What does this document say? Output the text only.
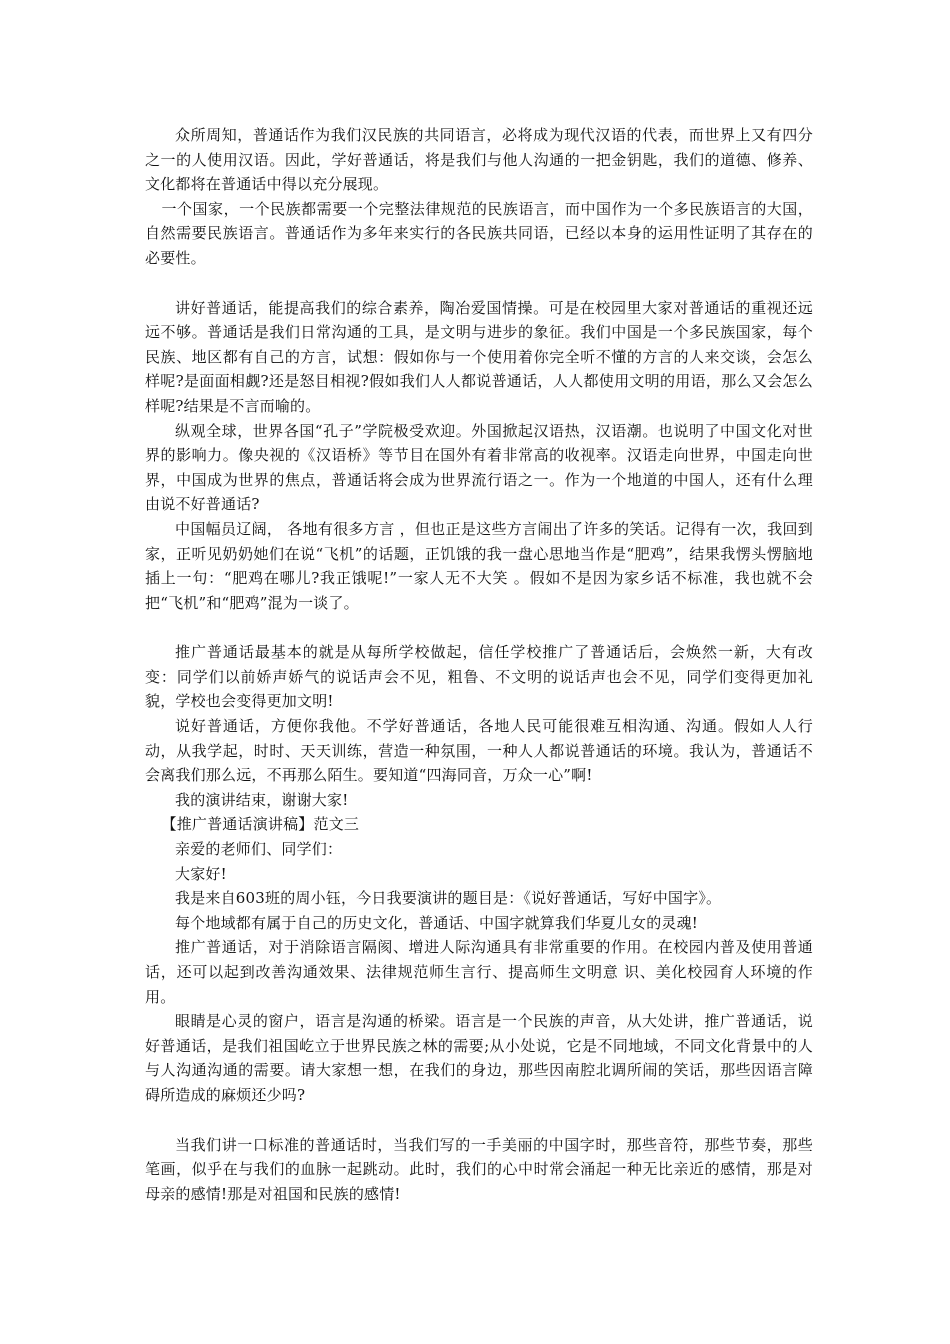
众所周知，普通话作为我们汉民族的共同语言，必将成为现代汉语的代表，而世界上又有四分之一的人使用汉语。因此，学好普通话，将是我们与他人沟通的一把金钥匙，我们的道德、修养、文化都将在普通话中得以充分展现。

一个国家，一个民族都需要一个完整法律规范的民族语言，而中国作为一个多民族语言的大国，自然需要民族语言。普通话作为多年来实行的各民族共同语，已经以本身的运用性证明了其存在的必要性。

讲好普通话，能提高我们的综合素养，陶冶爱国情操。可是在校园里大家对普通话的重视还远远不够。普通话是我们日常沟通的工具，是文明与进步的象征。我们中国是一个多民族国家，每个民族、地区都有自己的方言，试想：假如你与一个使用着你完全听不懂的方言的人来交谈，会怎么样呢?是面面相觑?还是怒目相视?假如我们人人都说普通话，人人都使用文明的用语，那么又会怎么样呢?结果是不言而喻的。

纵观全球，世界各国“孔子”学院极受欢迎。外国掀起汉语热，汉语潮。也说明了中国文化对世界的影响力。像央视的《汉语桥》等节目在国外有着非常高的收视率。汉语走向世界，中国走向世界，中国成为世界的焦点，普通话将会成为世界流行语之一。作为一个地道的中国人，还有什么理由说不好普通话?

中国幅员辽阔， 各地有很多方言 ，但也正是这些方言闹出了许多的笑话。记得有一次，我回到家，正听见奶奶她们在说“飞机”的话题，正饥饿的我一盘心思地当作是“肥鸡”，结果我愣头愣脑地插上一句：“肥鸡在哪儿?我正饿呢!”一家人无不大笑 。假如不是因为家乡话不标准，我也就不会把“飞机”和“肥鸡”混为一谈了。

推广普通话最基本的就是从每所学校做起，信任学校推广了普通话后，会焕然一新，大有改变：同学们以前娇声娇气的说话声会不见，粗鲁、不文明的说话声也会不见，同学们变得更加礼貌，学校也会变得更加文明!

说好普通话，方便你我他。不学好普通话，各地人民可能很难互相沟通、沟通。假如人人行动，从我学起，时时、天天训练，营造一种氛围，一种人人都说普通话的环境。我认为，普通话不会离我们那么远，不再那么陌生。要知道“四海同音，万众一心”啊!

我的演讲结束，谢谢大家!

【推广普通话演讲稿】范文三

亲爱的老师们、同学们：

大家好!

我是来自603班的周小钰，今日我要演讲的题目是：《说好普通话，写好中国字》。

每个地域都有属于自己的历史文化，普通话、中国字就算我们华夏儿女的灵魂!

推广普通话，对于消除语言隔阂、增进人际沟通具有非常重要的作用。在校园内普及使用普通话，还可以起到改善沟通效果、法律规范师生言行、提高师生文明意 识、美化校园育人环境的作用。

眼睛是心灵的窗户，语言是沟通的桥梁。语言是一个民族的声音，从大处讲，推广普通话，说好普通话，是我们祖国屹立于世界民族之林的需要;从小处说，它是不同地域，不同文化背景中的人与人沟通沟通的需要。请大家想一想，在我们的身边，那些因南腔北调所闹的笑话，那些因语言障碍所造成的麻烦还少吗?

当我们讲一口标准的普通话时，当我们写的一手美丽的中国字时，那些音符，那些节奏，那些笔画，似乎在与我们的血脉一起跳动。此时，我们的心中时常会涌起一种无比亲近的感情，那是对母亲的感情!那是对祖国和民族的感情!
